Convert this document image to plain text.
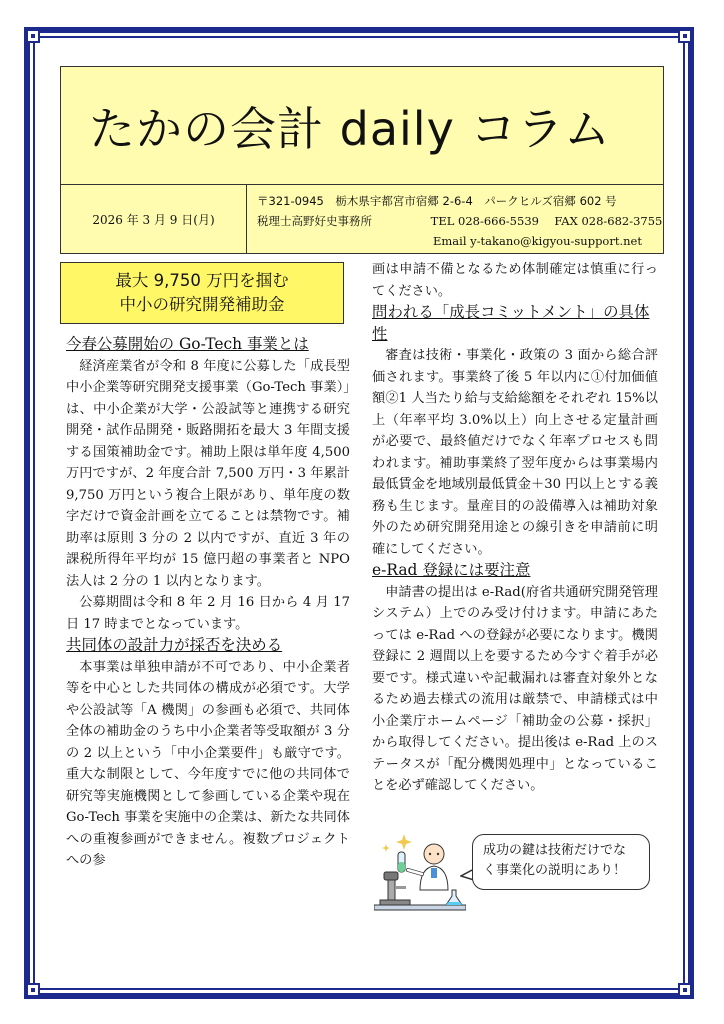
たかの会計 daily コラム
2026 年 3 月 9 日(月)
〒321-0945　栃木県宇都宮市宿郷 2-6-4　パークヒルズ宿郷 602 号
税理士高野好史事務所	TEL 028-666-5539 FAX 028-682-3755
Email y-takano@kigyou-support.net
最大 9,750 万円を掴む
中小の研究開発補助金
今春公募開始の Go-Tech 事業とは

経済産業省が令和 8 年度に公募した「成長型中小企業等研究開発支援事業（Go-Tech 事業）」は、中小企業が大学・公設試等と連携する研究開発・試作品開発・販路開拓を最大 3 年間支援する国策補助金です。補助上限は単年度 4,500 万円ですが、2 年度合計 7,500 万円・3 年累計 9,750 万円という複合上限があり、単年度の数字だけで資金計画を立てることは禁物です。補助率は原則 3 分の 2 以内ですが、直近 3 年の課税所得年平均が 15 億円超の事業者と NPO 法人は 2 分の 1 以内となります。

公募期間は令和 8 年 2 月 16 日から 4 月 17 日 17 時までとなっています。

共同体の設計力が採否を決める

本事業は単独申請が不可であり、中小企業者等を中心とした共同体の構成が必須です。大学や公設試等「A 機関」の参画も必須で、共同体全体の補助金のうち中小企業者等受取額が 3 分の 2 以上という「中小企業要件」も厳守です。重大な制限として、今年度すでに他の共同体で研究等実施機関として参画している企業や現在 Go-Tech 事業を実施中の企業は、新たな共同体への重複参画ができません。複数プロジェクトへの参

画は申請不備となるため体制確定は慎重に行ってください。

問われる「成長コミットメント」の具体性

審査は技術・事業化・政策の 3 面から総合評価されます。事業終了後 5 年以内に①付加価値額②1 人当たり給与支給総額をそれぞれ 15%以上（年率平均 3.0%以上）向上させる定量計画が必要で、最終値だけでなく年率プロセスも問われます。補助事業終了翌年度からは事業場内最低賃金を地域別最低賃金＋30 円以上とする義務も生じます。量産目的の設備導入は補助対象外のため研究開発用途との線引きを申請前に明確にしてください。

e-Rad 登録には要注意

申請書の提出は e-Rad(府省共通研究開発管理システム）上でのみ受け付けます。申請にあたっては e-Rad への登録が必要になります。機関登録に 2 週間以上を要するため今すぐ着手が必要です。様式違いや記載漏れは審査対象外となるため過去様式の流用は厳禁で、申請様式は中小企業庁ホームページ「補助金の公募・採択」から取得してください。提出後は e-Rad 上のステータスが「配分機関処理中」となっていることを必ず確認してください。

成功の鍵は技術だけでな
く事業化の説明にあり！
